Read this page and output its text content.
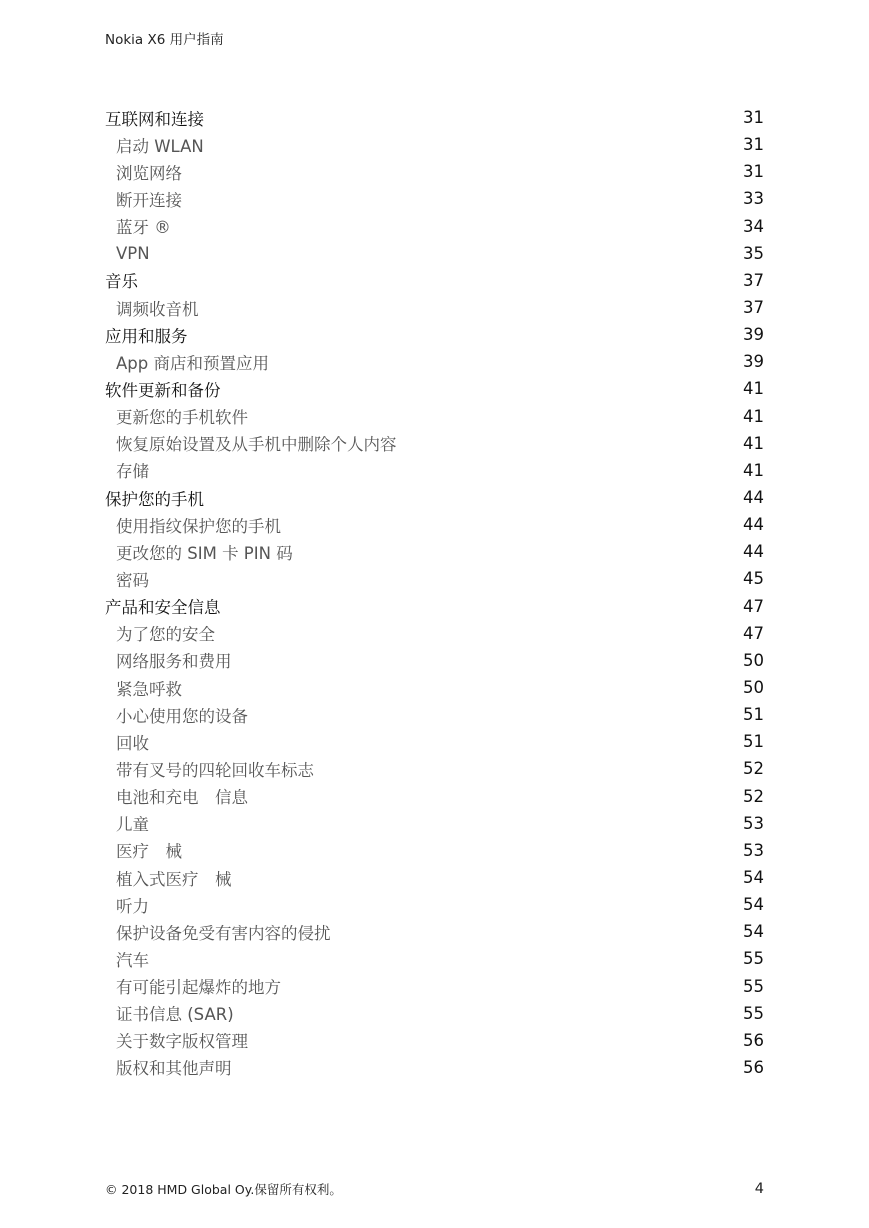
Nokia X6 用户指南
互联网和连接	31
启动 WLAN	31
浏览网络	31
断开连接	33
蓝牙 ®	34
VPN	35
音乐	37
调频收音机	37
应用和服务	39
App 商店和预置应用	39
软件更新和备份	41
更新您的手机软件	41
恢复原始设置及从手机中删除个人内容	41
存储	41
保护您的手机	44
使用指纹保护您的手机	44
更改您的 SIM 卡 PIN 码	44
密码	45
产品和安全信息	47
为了您的安全	47
网络服务和费用	50
紧急呼救	50
小心使用您的设备	51
回收	51
带有叉号的四轮回收车标志	52
电池和充电　信息	52
儿童	53
医疗　械	53
植入式医疗　械	54
听力	54
保护设备免受有害内容的侵扰	54
汽车	55
有可能引起爆炸的地方	55
证书信息 (SAR)	55
关于数字版权管理	56
版权和其他声明	56
© 2018 HMD Global Oy.保留所有权利。	4
